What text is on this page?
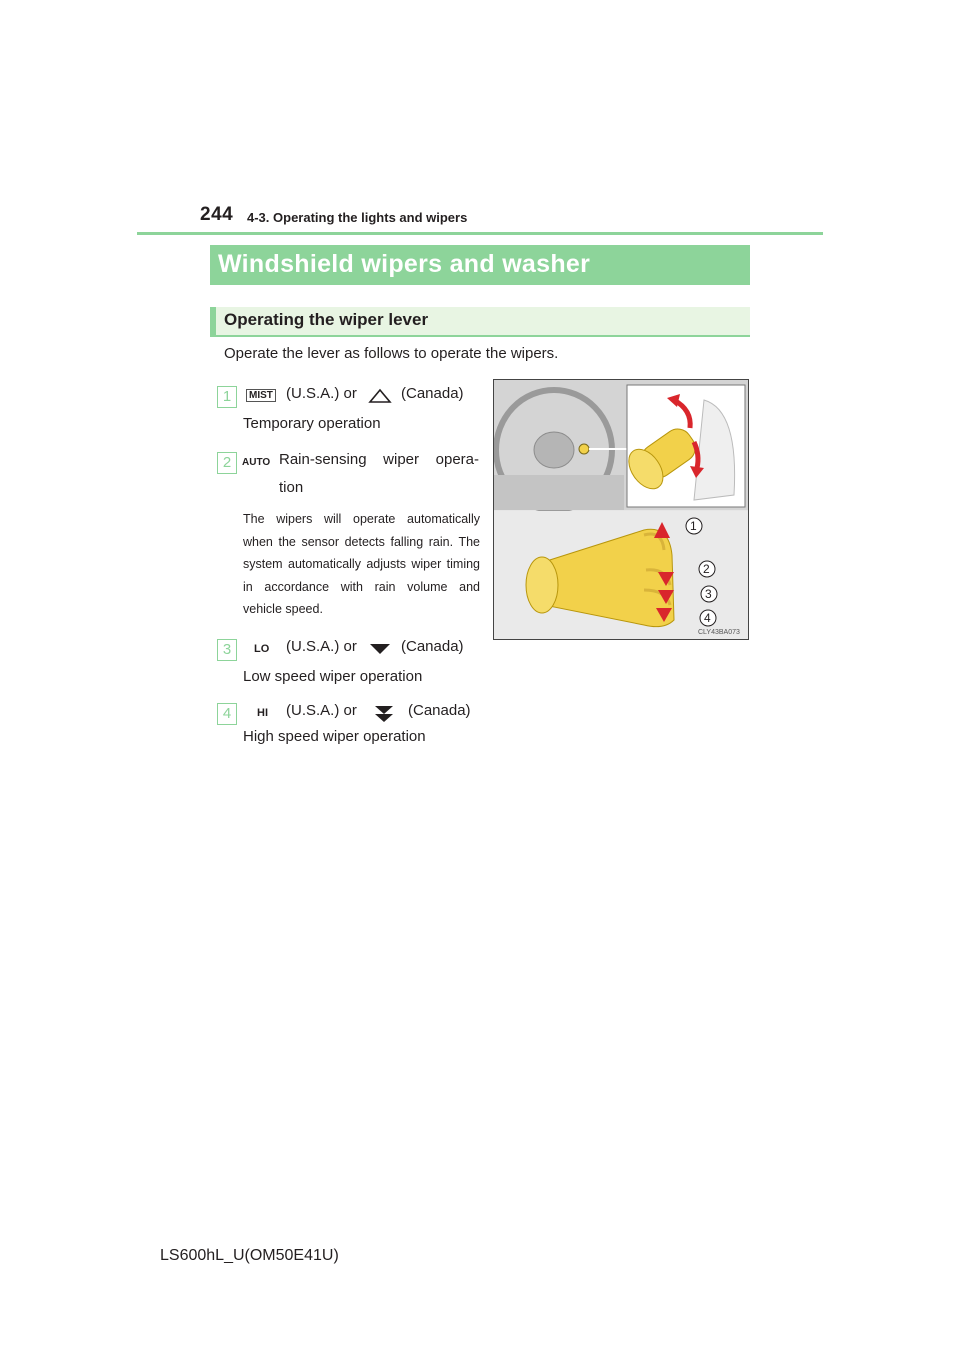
244 4-3. Operating the lights and wipers
Windshield wipers and washer
Operating the wiper lever
Operate the lever as follows to operate the wipers.
1	MIST (U.S.A.) or	(Canada)
Temporary operation
2	AUTO Rain-sensing wiper opera-
tion
The wipers will operate automatically when the sensor detects falling rain. The system automatically adjusts wiper timing in accordance with rain volume and vehicle speed.
3	LO (U.S.A.) or	(Canada)
Low speed wiper operation
4	HI (U.S.A.) or	(Canada)
High speed wiper operation
1
2
3
4
CLY43BA073
LS600hL_U(OM50E41U)
